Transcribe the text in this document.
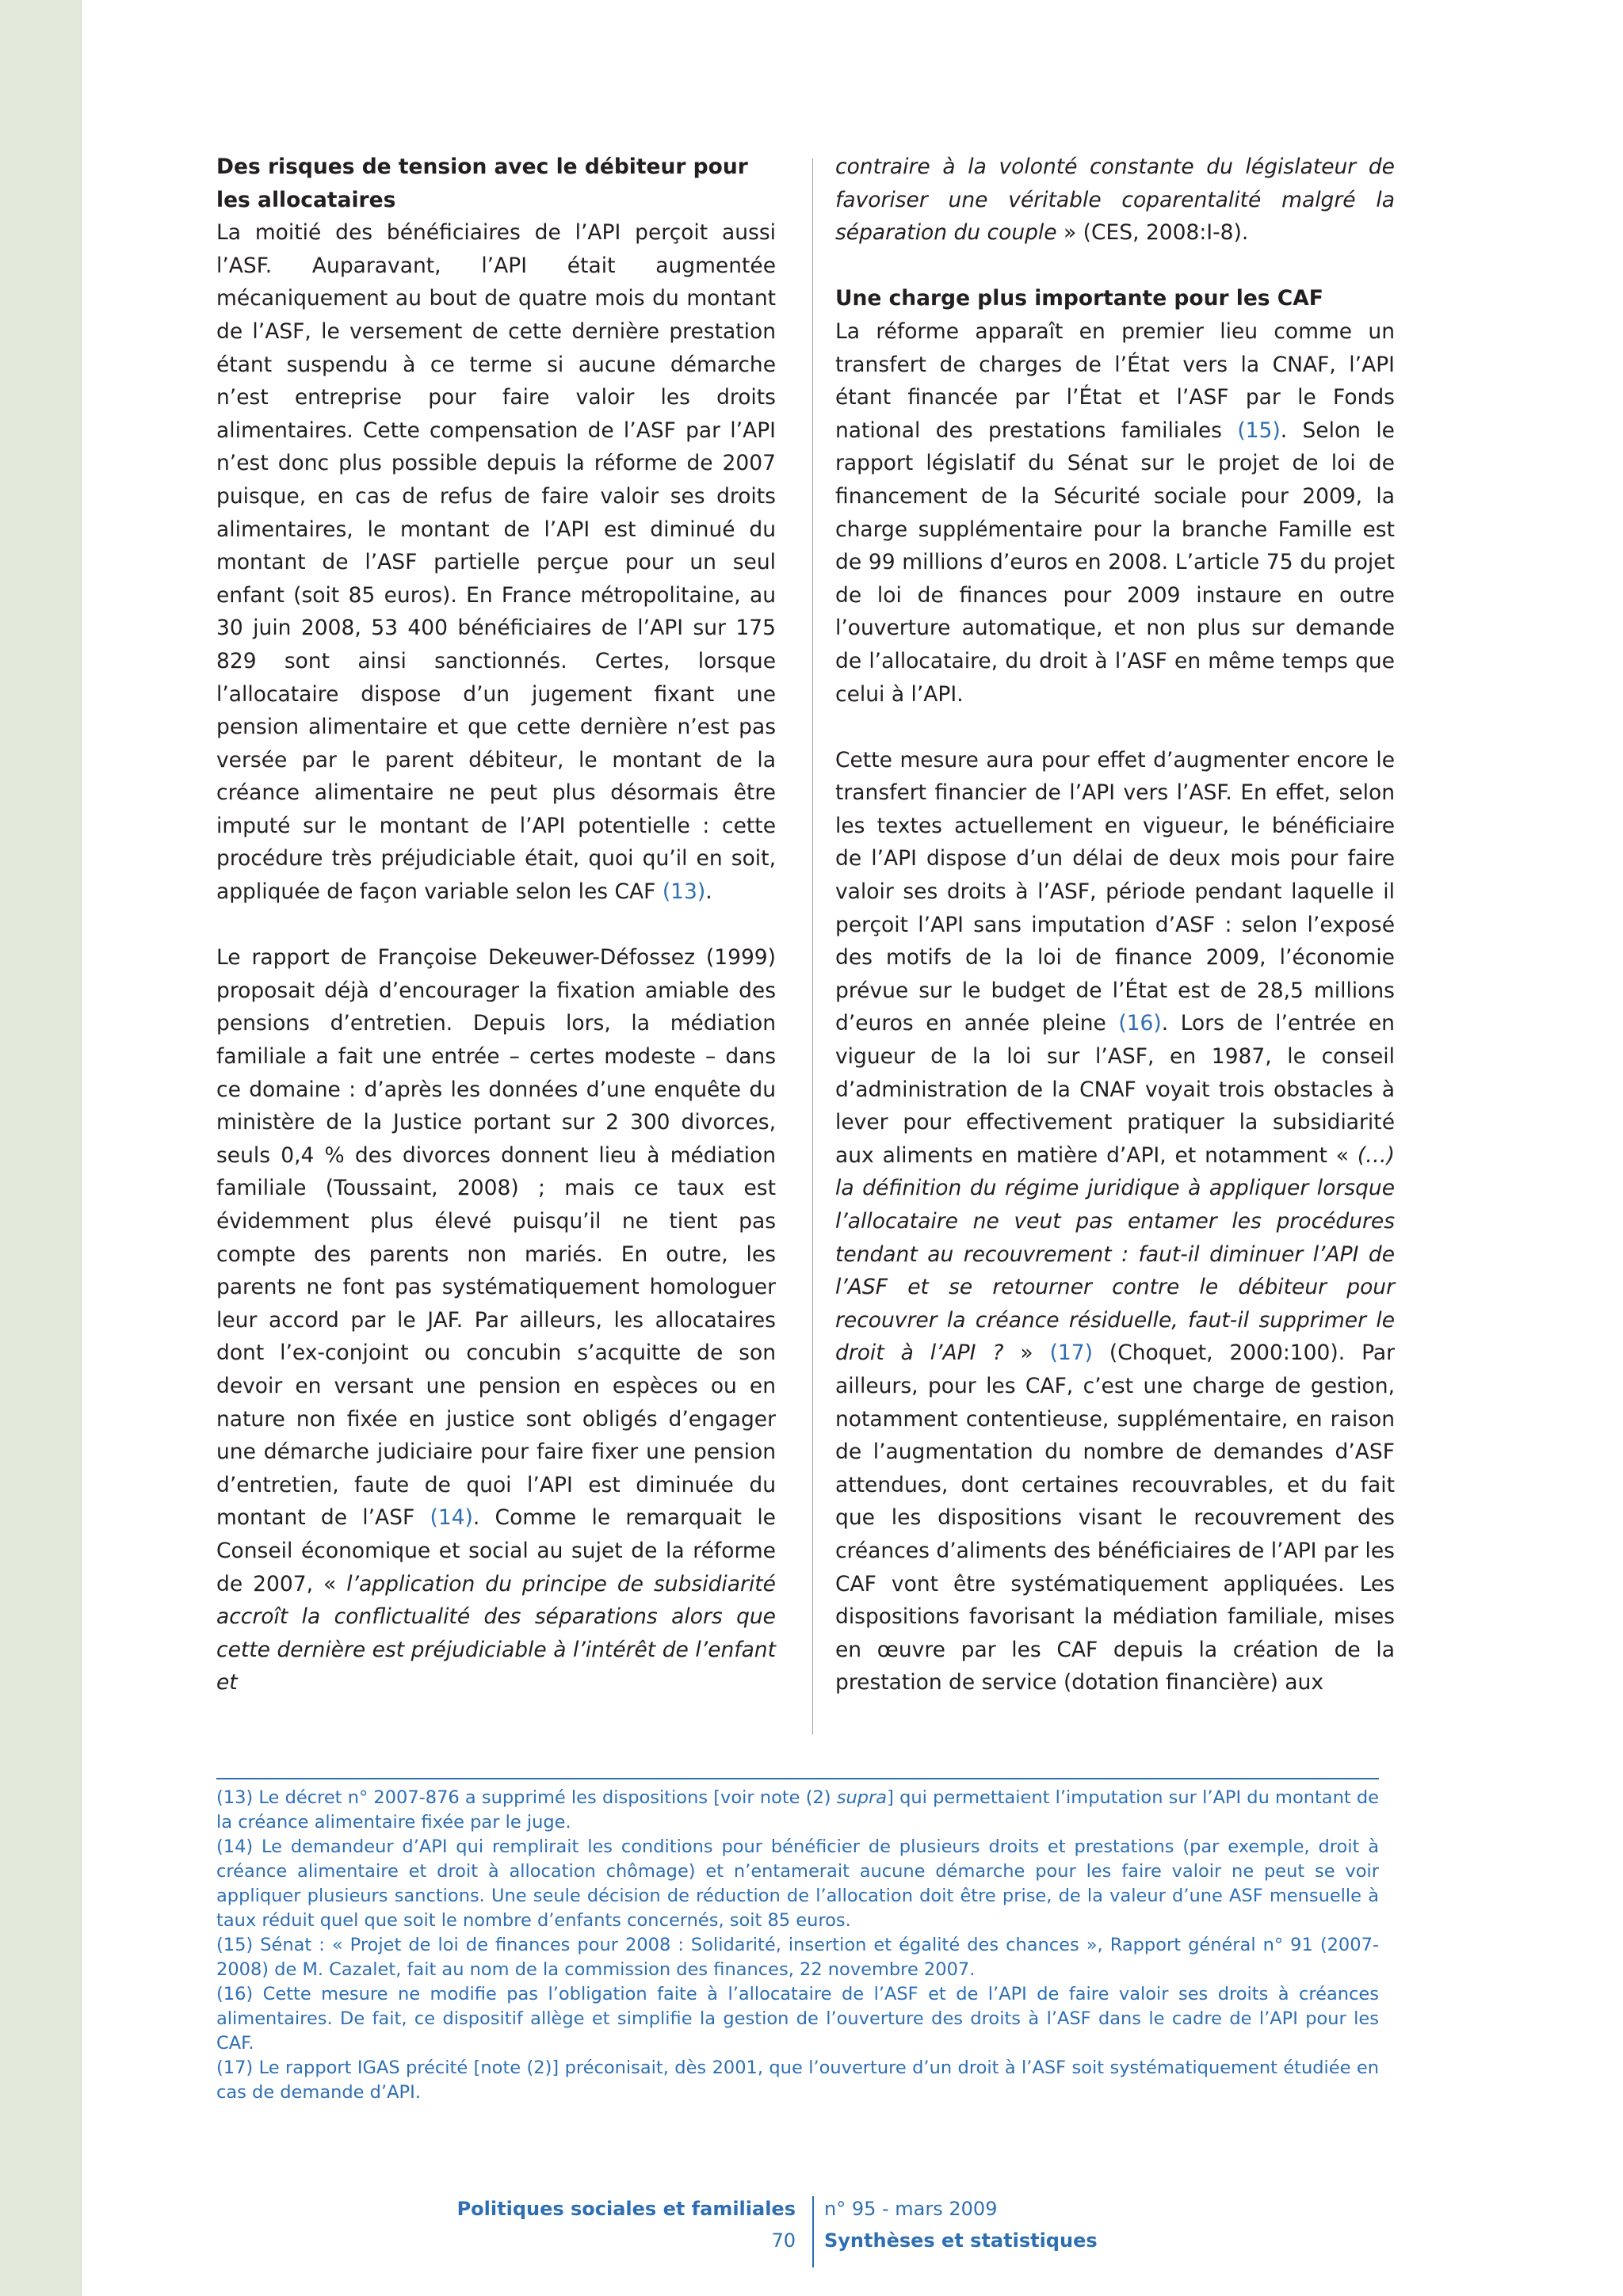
Des risques de tension avec le débiteur pour les allocataires

La moitié des bénéficiaires de l’API perçoit aussi l’ASF. Auparavant, l’API était augmentée mécaniquement au bout de quatre mois du montant de l’ASF, le versement de cette dernière prestation étant suspendu à ce terme si aucune démarche n’est entreprise pour faire valoir les droits alimentaires. Cette compensation de l’ASF par l’API n’est donc plus possible depuis la réforme de 2007 puisque, en cas de refus de faire valoir ses droits alimentaires, le montant de l’API est diminué du montant de l’ASF partielle perçue pour un seul enfant (soit 85 euros). En France métropolitaine, au 30 juin 2008, 53 400 bénéficiaires de l’API sur 175 829 sont ainsi sanctionnés. Certes, lorsque l’allocataire dispose d’un jugement fixant une pension alimentaire et que cette dernière n’est pas versée par le parent débiteur, le montant de la créance alimentaire ne peut plus désormais être imputé sur le montant de l’API potentielle : cette procédure très préjudiciable était, quoi qu’il en soit, appliquée de façon variable selon les CAF (13).

Le rapport de Françoise Dekeuwer-Défossez (1999) proposait déjà d’encourager la fixation amiable des pensions d’entretien. Depuis lors, la médiation familiale a fait une entrée – certes modeste – dans ce domaine : d’après les données d’une enquête du ministère de la Justice portant sur 2 300 divorces, seuls 0,4 % des divorces donnent lieu à médiation familiale (Toussaint, 2008) ; mais ce taux est évidemment plus élevé puisqu’il ne tient pas compte des parents non mariés. En outre, les parents ne font pas systématiquement homologuer leur accord par le JAF. Par ailleurs, les allocataires dont l’ex-conjoint ou concubin s’acquitte de son devoir en versant une pension en espèces ou en nature non fixée en justice sont obligés d’engager une démarche judiciaire pour faire fixer une pension d’entretien, faute de quoi l’API est diminuée du montant de l’ASF (14). Comme le remarquait le Conseil économique et social au sujet de la réforme de 2007, « l’application du principe de subsidiarité accroît la conflictualité des séparations alors que cette dernière est préjudiciable à l’intérêt de l’enfant et

contraire à la volonté constante du législateur de favoriser une véritable coparentalité malgré la séparation du couple » (CES, 2008:I-8).

Une charge plus importante pour les CAF

La réforme apparaît en premier lieu comme un transfert de charges de l’État vers la CNAF, l’API étant financée par l’État et l’ASF par le Fonds national des prestations familiales (15). Selon le rapport législatif du Sénat sur le projet de loi de financement de la Sécurité sociale pour 2009, la charge supplémentaire pour la branche Famille est de 99 millions d’euros en 2008. L’article 75 du projet de loi de finances pour 2009 instaure en outre l’ouverture automatique, et non plus sur demande de l’allocataire, du droit à l’ASF en même temps que celui à l’API.

Cette mesure aura pour effet d’augmenter encore le transfert financier de l’API vers l’ASF. En effet, selon les textes actuellement en vigueur, le bénéficiaire de l’API dispose d’un délai de deux mois pour faire valoir ses droits à l’ASF, période pendant laquelle il perçoit l’API sans imputation d’ASF : selon l’exposé des motifs de la loi de finance 2009, l’économie prévue sur le budget de l’État est de 28,5 millions d’euros en année pleine (16). Lors de l’entrée en vigueur de la loi sur l’ASF, en 1987, le conseil d’administration de la CNAF voyait trois obstacles à lever pour effectivement pratiquer la subsidiarité aux aliments en matière d’API, et notamment « (…) la définition du régime juridique à appliquer lorsque l’allocataire ne veut pas entamer les procédures tendant au recouvrement : faut-il diminuer l’API de l’ASF et se retourner contre le débiteur pour recouvrer la créance résiduelle, faut-il supprimer le droit à l’API ? » (17) (Choquet, 2000:100). Par ailleurs, pour les CAF, c’est une charge de gestion, notamment contentieuse, supplémentaire, en raison de l’augmentation du nombre de demandes d’ASF attendues, dont certaines recouvrables, et du fait que les dispositions visant le recouvrement des créances d’aliments des bénéficiaires de l’API par les CAF vont être systématiquement appliquées. Les dispositions favorisant la médiation familiale, mises en œuvre par les CAF depuis la création de la prestation de service (dotation financière) aux

(13) Le décret n° 2007-876 a supprimé les dispositions [voir note (2) supra] qui permettaient l’imputation sur l’API du montant de la créance alimentaire fixée par le juge.

(14) Le demandeur d’API qui remplirait les conditions pour bénéficier de plusieurs droits et prestations (par exemple, droit à créance alimentaire et droit à allocation chômage) et n’entamerait aucune démarche pour les faire valoir ne peut se voir appliquer plusieurs sanctions. Une seule décision de réduction de l’allocation doit être prise, de la valeur d’une ASF mensuelle à taux réduit quel que soit le nombre d’enfants concernés, soit 85 euros.

(15) Sénat : « Projet de loi de finances pour 2008 : Solidarité, insertion et égalité des chances », Rapport général n° 91 (2007-2008) de M. Cazalet, fait au nom de la commission des finances, 22 novembre 2007.

(16) Cette mesure ne modifie pas l’obligation faite à l’allocataire de l’ASF et de l’API de faire valoir ses droits à créances alimentaires. De fait, ce dispositif allège et simplifie la gestion de l’ouverture des droits à l’ASF dans le cadre de l’API pour les CAF.

(17) Le rapport IGAS précité [note (2)] préconisait, dès 2001, que l’ouverture d’un droit à l’ASF soit systématiquement étudiée en cas de demande d’API.

Politiques sociales et familiales
70
n° 95 - mars 2009
Synthèses et statistiques
